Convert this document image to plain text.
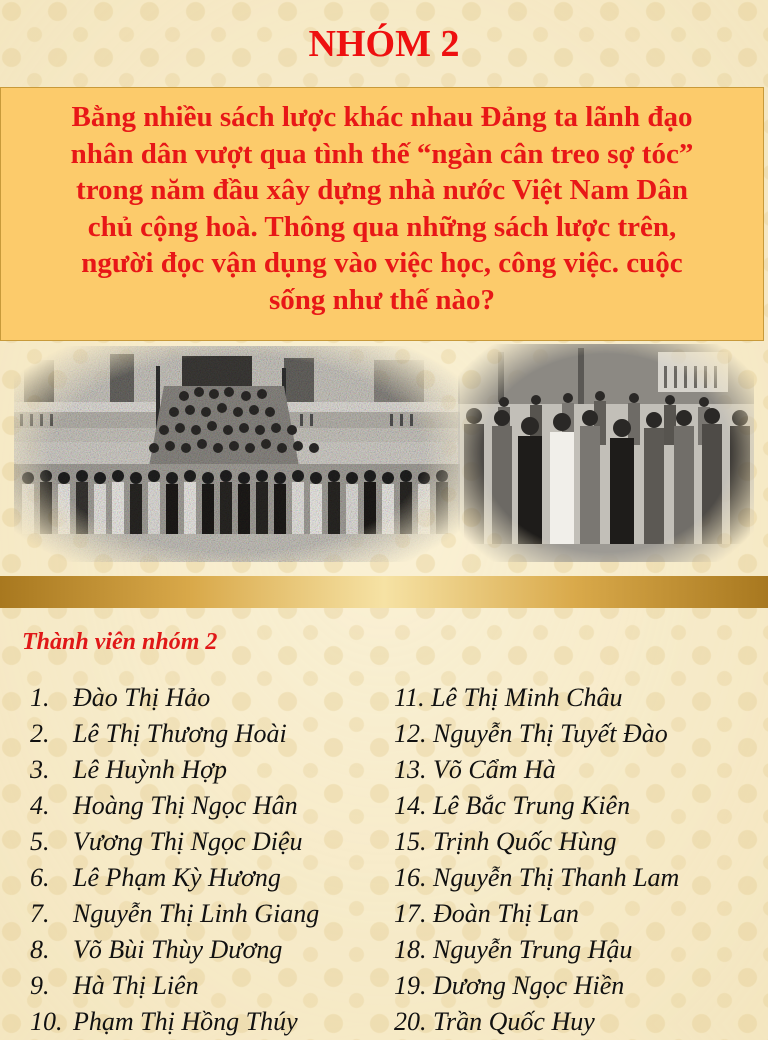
NHÓM 2
Bằng nhiều sách lược khác nhau Đảng ta lãnh đạo
nhân dân vượt qua tình thế “ngàn cân treo sợ tóc”
trong năm đầu xây dựng nhà nước Việt Nam Dân
chủ cộng hoà. Thông qua những sách lược trên,
người đọc vận dụng vào việc học, công việc. cuộc
sống như thế nào?
Thành viên nhóm 2
1. Đào Thị Hảo
2. Lê Thị Thương Hoài
3. Lê Huỳnh Hợp
4. Hoàng Thị Ngọc Hân
5. Vương Thị Ngọc Diệu
6. Lê Phạm Kỳ Hương
7. Nguyễn Thị Linh Giang
8. Võ Bùi Thùy Dương
9. Hà Thị Liên
10. Phạm Thị Hồng Thúy
11. Lê Thị Minh Châu
12. Nguyễn Thị Tuyết Đào
13. Võ Cẩm Hà
14. Lê Bắc Trung Kiên
15. Trịnh Quốc Hùng
16. Nguyễn Thị Thanh Lam
17. Đoàn Thị Lan
18. Nguyễn Trung Hậu
19. Dương Ngọc Hiền
20. Trần Quốc Huy
